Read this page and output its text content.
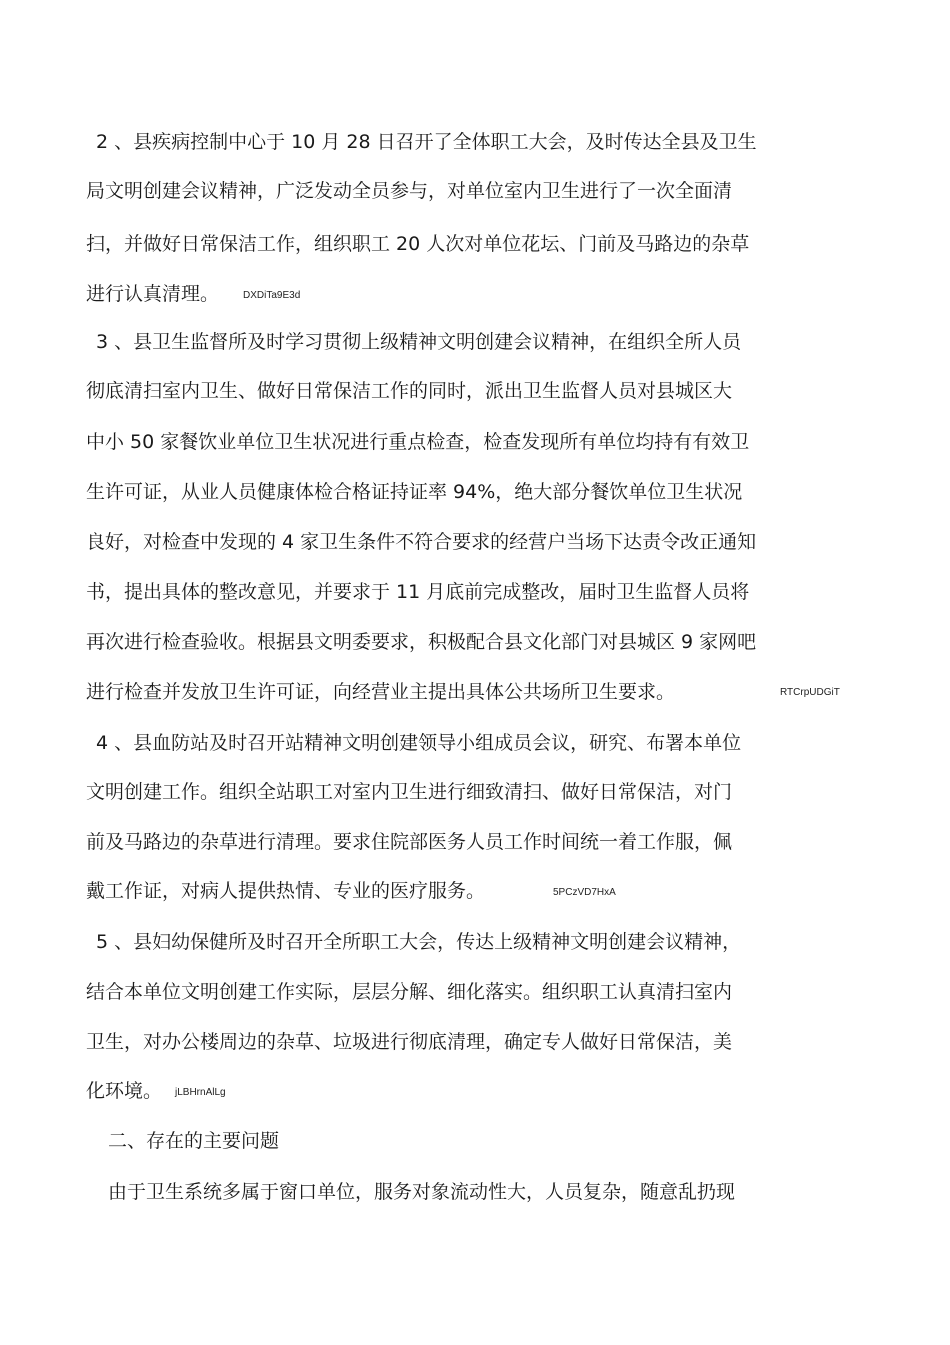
2 、县疾病控制中心于 10 月 28 日召开了全体职工大会，及时传达全县及卫生
局文明创建会议精神，广泛发动全员参与，对单位室内卫生进行了一次全面清
扫，并做好日常保洁工作，组织职工 20 人次对单位花坛、门前及马路边的杂草
进行认真清理。 DXDiTa9E3d
3 、县卫生监督所及时学习贯彻上级精神文明创建会议精神，在组织全所人员
彻底清扫室内卫生、做好日常保洁工作的同时，派出卫生监督人员对县城区大
中小 50 家餐饮业单位卫生状况进行重点检查，检查发现所有单位均持有有效卫
生许可证，从业人员健康体检合格证持证率 94%，绝大部分餐饮单位卫生状况
良好，对检查中发现的 4 家卫生条件不符合要求的经营户当场下达责令改正通知
书，提出具体的整改意见，并要求于 11 月底前完成整改，届时卫生监督人员将
再次进行检查验收。根据县文明委要求，积极配合县文化部门对县城区 9 家网吧
进行检查并发放卫生许可证，向经营业主提出具体公共场所卫生要求。	RTCrpUDGiT
4 、县血防站及时召开站精神文明创建领导小组成员会议，研究、布署本单位
文明创建工作。组织全站职工对室内卫生进行细致清扫、做好日常保洁，对门
前及马路边的杂草进行清理。要求住院部医务人员工作时间统一着工作服，佩
戴工作证，对病人提供热情、专业的医疗服务。	5PCzVD7HxA
5 、县妇幼保健所及时召开全所职工大会，传达上级精神文明创建会议精神，
结合本单位文明创建工作实际，层层分解、细化落实。组织职工认真清扫室内
卫生，对办公楼周边的杂草、垃圾进行彻底清理，确定专人做好日常保洁，美
化环境。 jLBHrnAlLg
二、存在的主要问题
由于卫生系统多属于窗口单位，服务对象流动性大，人员复杂，随意乱扔现
